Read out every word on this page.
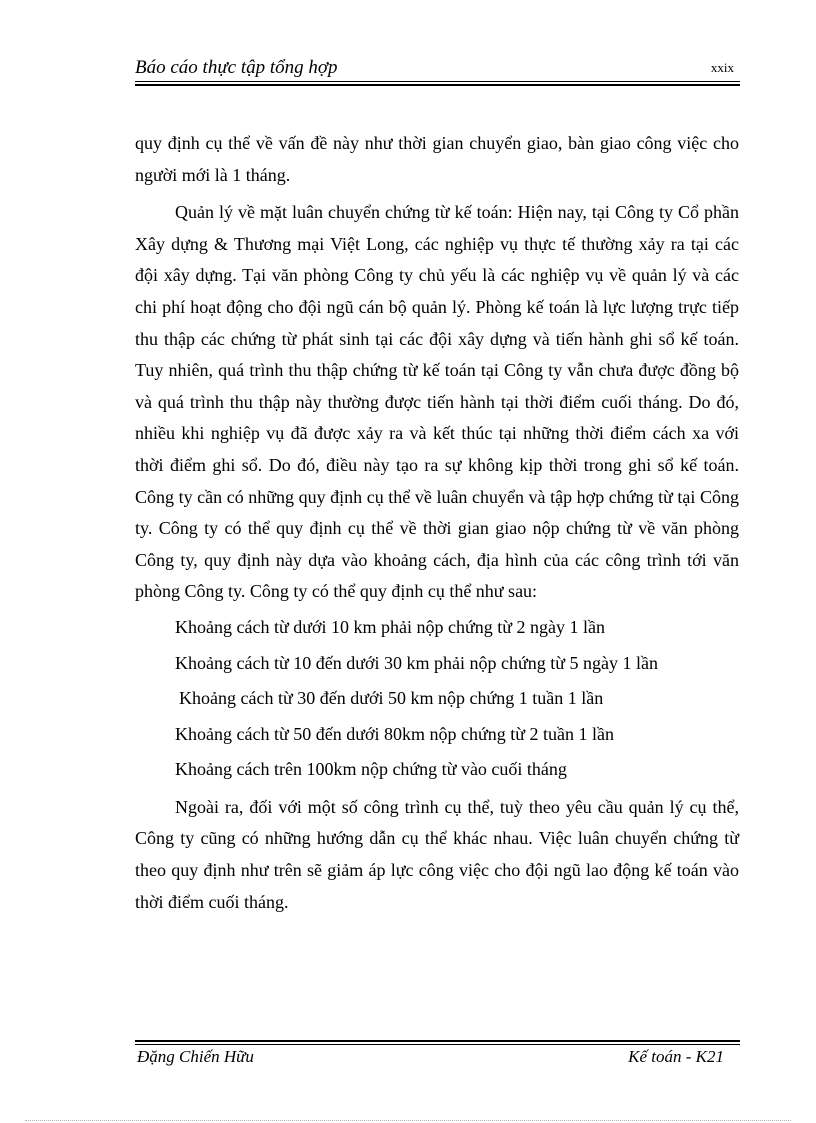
Báo cáo thực tập tổng hợp	xxix

quy định cụ thể về vấn đề này như thời gian chuyển giao, bàn giao công việc cho người mới là 1 tháng.

Quản lý về mặt luân chuyển chứng từ kế toán: Hiện nay, tại Công ty Cổ phần Xây dựng & Thương mại Việt Long, các nghiệp vụ thực tế thường xảy ra tại các đội xây dựng. Tại văn phòng Công ty chủ yếu là các nghiệp vụ về quản lý và các chi phí hoạt động cho đội ngũ cán bộ quản lý. Phòng kế toán là lực lượng trực tiếp thu thập các chứng từ phát sinh tại các đội xây dựng và tiến hành ghi sổ kế toán. Tuy nhiên, quá trình thu thập chứng từ kế toán tại Công ty vẫn chưa được đồng bộ và quá trình thu thập này thường được tiến hành tại thời điểm cuối tháng. Do đó, nhiều khi nghiệp vụ đã được xảy ra và kết thúc tại những thời điểm cách xa với thời điểm ghi sổ. Do đó, điều này tạo ra sự không kịp thời trong ghi sổ kế toán. Công ty cần có những quy định cụ thể về luân chuyển và tập hợp chứng từ tại Công ty. Công ty có thể quy định cụ thể về thời gian giao nộp chứng từ về văn phòng Công ty, quy định này dựa vào khoảng cách, địa hình của các công trình tới văn phòng Công ty. Công ty có thể quy định cụ thể như sau:

Khoảng cách từ dưới 10 km phải nộp chứng từ 2 ngày 1 lần

Khoảng cách từ 10 đến dưới 30 km phải nộp chứng từ 5 ngày 1 lần

Khoảng cách từ 30 đến dưới 50 km nộp chứng 1 tuần 1 lần

Khoảng cách từ 50 đến dưới 80km nộp chứng từ 2 tuần 1 lần

Khoảng cách trên 100km nộp chứng từ vào cuối tháng

Ngoài ra, đối với một số công trình cụ thể, tuỳ theo yêu cầu quản lý cụ thể, Công ty cũng có những hướng dẫn cụ thể khác nhau. Việc luân chuyển chứng từ theo quy định như trên sẽ giảm áp lực công việc cho đội ngũ lao động kế toán vào thời điểm cuối tháng.

Đặng Chiến Hữu	Kế toán - K21
